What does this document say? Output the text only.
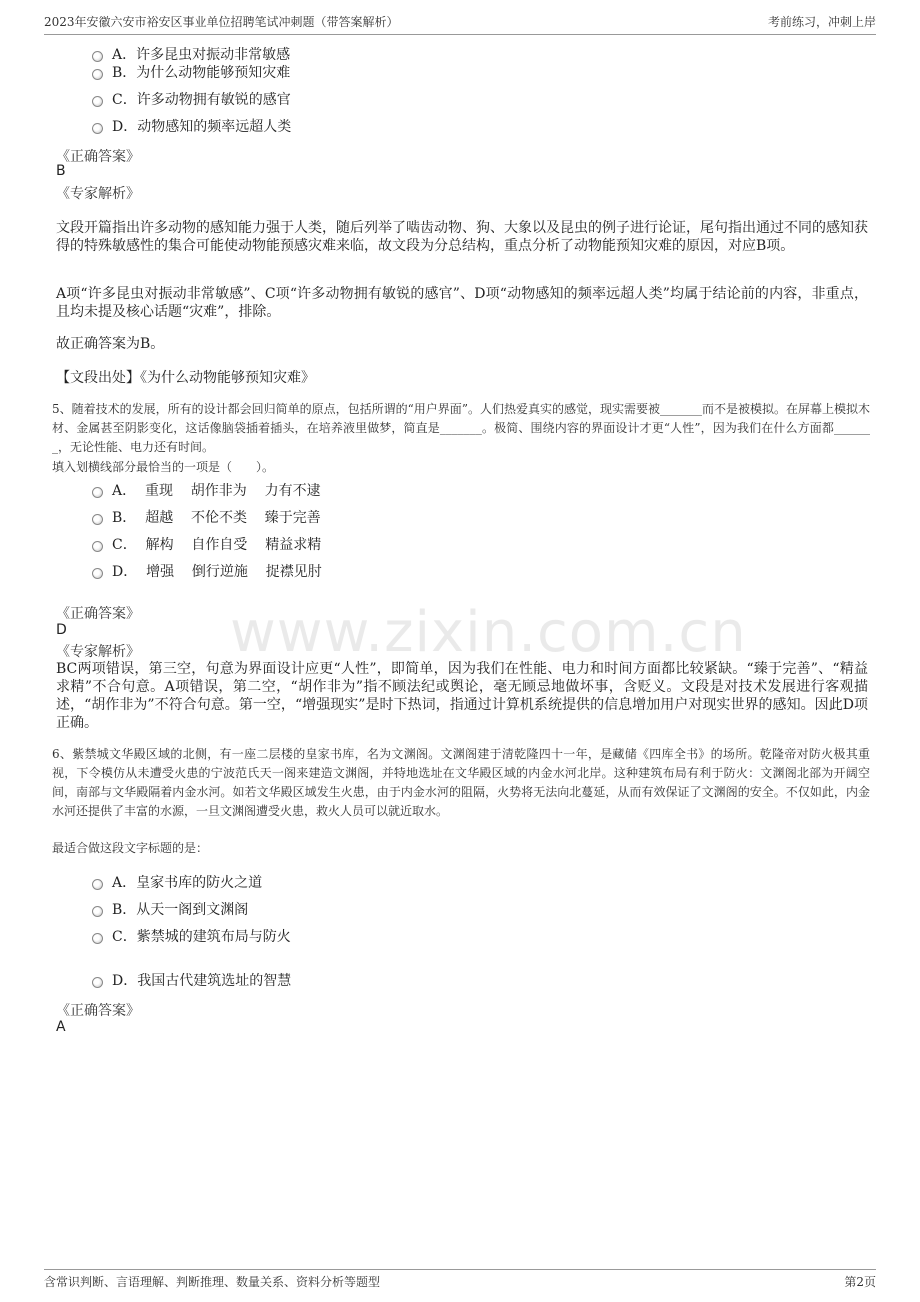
2023年安徽六安市裕安区事业单位招聘笔试冲刺题（带答案解析）	考前练习，冲刺上岸
A．许多昆虫对振动非常敏感
B．为什么动物能够预知灾难
C．许多动物拥有敏锐的感官
D．动物感知的频率远超人类
《正确答案》
B
《专家解析》

文段开篇指出许多动物的感知能力强于人类，随后列举了啮齿动物、狗、大象以及昆虫的例子进行论证，尾句指出通过不同的感知获得的特殊敏感性的集合可能使动物能预感灾难来临，故文段为分总结构，重点分析了动物能预知灾难的原因，对应B项。

A项“许多昆虫对振动非常敏感”、C项“许多动物拥有敏锐的感官”、D项“动物感知的频率远超人类”均属于结论前的内容，非重点，且均未提及核心话题“灾难”，排除。

故正确答案为B。

【文段出处】《为什么动物能够预知灾难》

5、随着技术的发展，所有的设计都会回归简单的原点，包括所谓的“用户界面”。人们热爱真实的感觉，现实需要被_______而不是被模拟。在屏幕上模拟木材、金属甚至阴影变化，这话像脑袋插着插头，在培养液里做梦，简直是_______。极简、围绕内容的界面设计才更“人性”，因为我们在什么方面都_______，无论性能、电力还有时间。

填入划横线部分最恰当的一项是（　　）。
A．  重现    胡作非为    力有不逮
B．  超越    不伦不类    臻于完善
C．  解构    自作自受    精益求精
D．  增强    倒行逆施    捉襟见肘
《正确答案》
D
《专家解析》

BC两项错误，第三空，句意为界面设计应更“人性”，即简单，因为我们在性能、电力和时间方面都比较紧缺。“臻于完善”、“精益求精”不合句意。A项错误，第二空，“胡作非为”指不顾法纪或舆论，毫无顾忌地做坏事，含贬义。文段是对技术发展进行客观描述，“胡作非为”不符合句意。第一空，“增强现实”是时下热词，指通过计算机系统提供的信息增加用户对现实世界的感知。因此D项正确。

6、紫禁城文华殿区域的北侧，有一座二层楼的皇家书库，名为文渊阁。文渊阁建于清乾隆四十一年，是藏储《四库全书》的场所。乾隆帝对防火极其重视，下令模仿从未遭受火患的宁波范氏天一阁来建造文渊阁，并特地选址在文华殿区域的内金水河北岸。这种建筑布局有利于防火：文渊阁北部为开阔空间，南部与文华殿隔着内金水河。如若文华殿区域发生火患，由于内金水河的阻隔，火势将无法向北蔓延，从而有效保证了文渊阁的安全。不仅如此，内金水河还提供了丰富的水源，一旦文渊阁遭受火患，救火人员可以就近取水。

最适合做这段文字标题的是：
A．皇家书库的防火之道
B．从天一阁到文渊阁
C．紫禁城的建筑布局与防火
D．我国古代建筑选址的智慧
《正确答案》
A
www.zixin.com.cn
含常识判断、言语理解、判断推理、数量关系、资料分析等题型	第2页
